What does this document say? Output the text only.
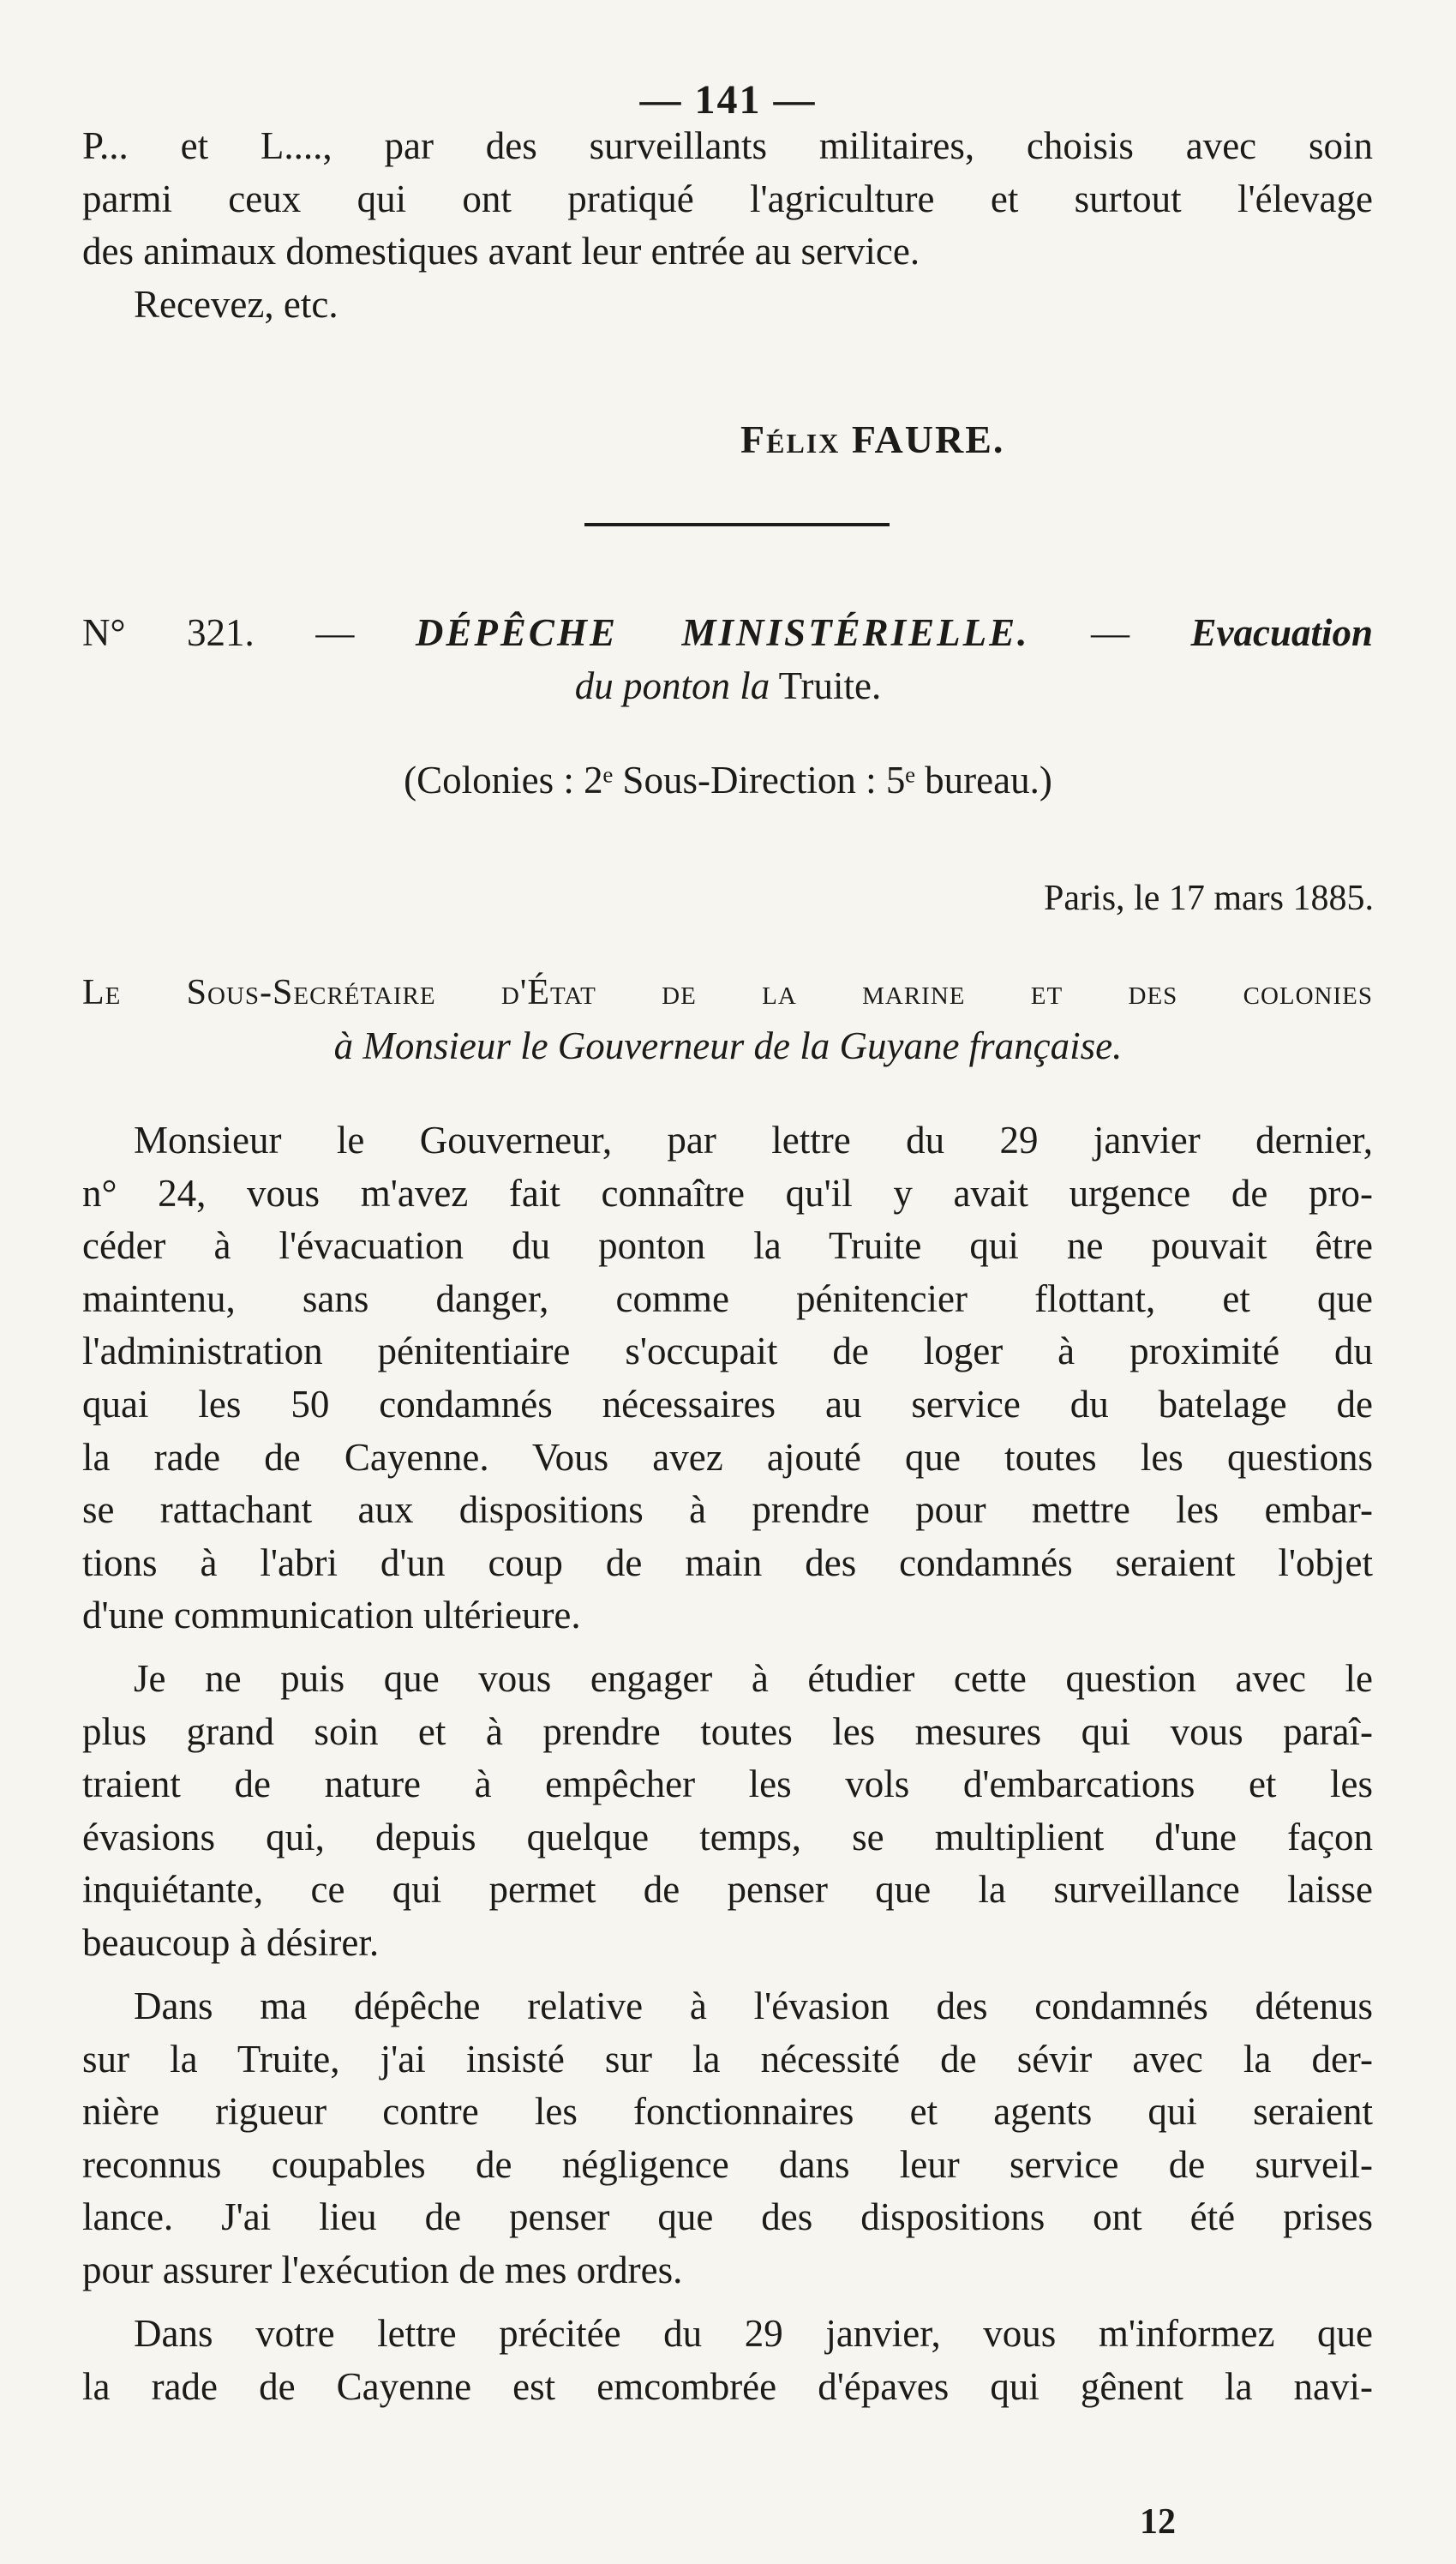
— 141 —
P... et L...., par des surveillants militaires, choisis avec soin
parmi ceux qui ont pratiqué l'agriculture et surtout l'élevage
des animaux domestiques avant leur entrée au service.
Recevez, etc.
Félix FAURE.
N° 321. — DÉPÊCHE MINISTÉRIELLE. — Evacuation
du ponton la Truite.
(Colonies : 2ᵉ Sous-Direction : 5ᵉ bureau.)
Paris, le 17 mars 1885.
Le Sous-Secrétaire d'État de la marine et des colonies
à Monsieur le Gouverneur de la Guyane française.
Monsieur le Gouverneur, par lettre du 29 janvier dernier,
n° 24, vous m'avez fait connaître qu'il y avait urgence de pro-
céder à l'évacuation du ponton la Truite qui ne pouvait être
maintenu, sans danger, comme pénitencier flottant, et que
l'administration pénitentiaire s'occupait de loger à proximité du
quai les 50 condamnés nécessaires au service du batelage de
la rade de Cayenne. Vous avez ajouté que toutes les questions
se rattachant aux dispositions à prendre pour mettre les embar-
tions à l'abri d'un coup de main des condamnés seraient l'objet
d'une communication ultérieure.
Je ne puis que vous engager à étudier cette question avec le
plus grand soin et à prendre toutes les mesures qui vous paraî-
traient de nature à empêcher les vols d'embarcations et les
évasions qui, depuis quelque temps, se multiplient d'une façon
inquiétante, ce qui permet de penser que la surveillance laisse
beaucoup à désirer.
Dans ma dépêche relative à l'évasion des condamnés détenus
sur la Truite, j'ai insisté sur la nécessité de sévir avec la der-
nière rigueur contre les fonctionnaires et agents qui seraient
reconnus coupables de négligence dans leur service de surveil-
lance. J'ai lieu de penser que des dispositions ont été prises
pour assurer l'exécution de mes ordres.
Dans votre lettre précitée du 29 janvier, vous m'informez que
la rade de Cayenne est emcombrée d'épaves qui gênent la navi-
12
